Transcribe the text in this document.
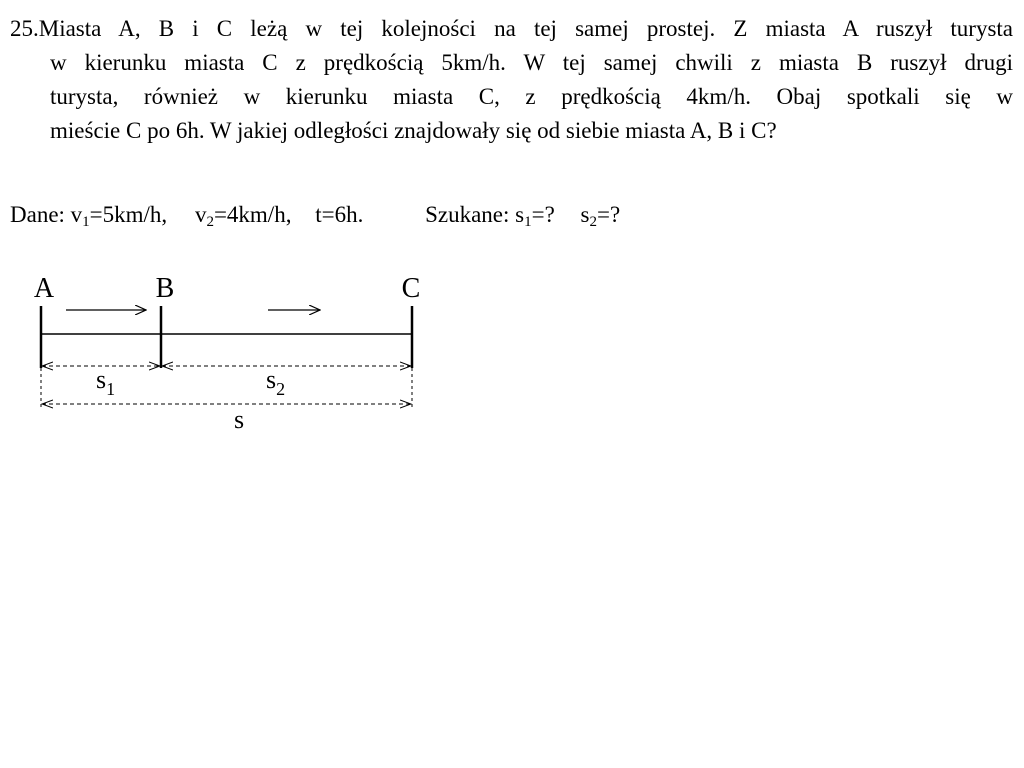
25.Miasta A, B i C leżą w tej kolejności na tej samej prostej. Z miasta A ruszył turysta
w kierunku miasta C z prędkością 5km/h. W tej samej chwili z miasta B ruszył drugi
turysta, również w kierunku miasta C, z prędkością 4km/h. Obaj spotkali się w
mieście C po 6h. W jakiej odległości znajdowały się od siebie miasta A, B i C?
Dane: $v_1=5km/h$, $v_2=4km/h$, t=6h.	Szukane: $s_1=$? $s_2=$?
A	B	C
$s_1$	$s_2$
s
